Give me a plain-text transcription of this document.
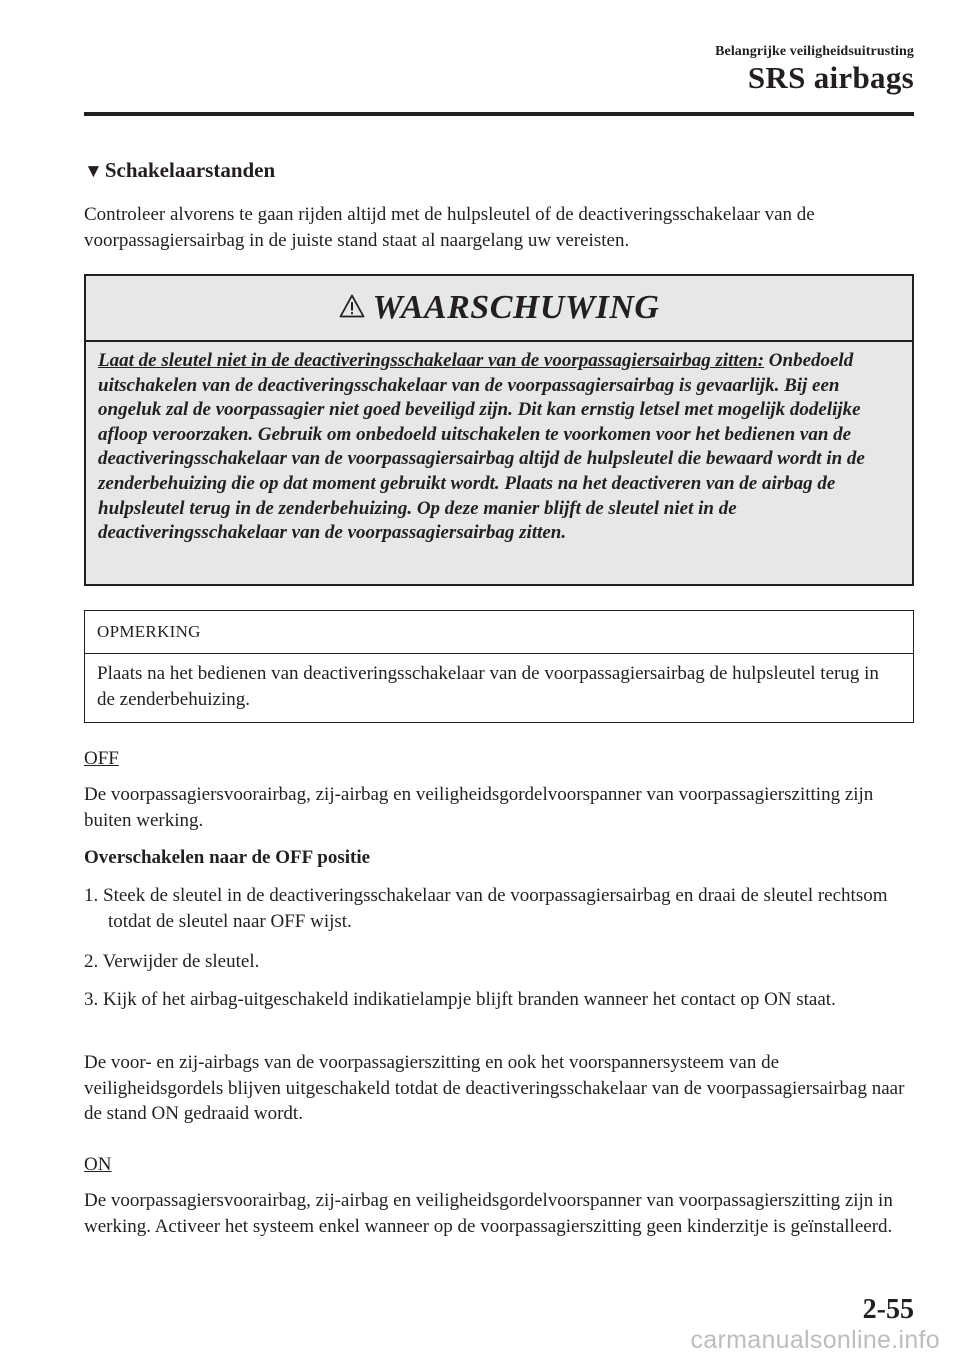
Belangrijke veiligheidsuitrusting
SRS airbags
▼Schakelaarstanden
Controleer alvorens te gaan rijden altijd met de hulpsleutel of de deactiveringsschakelaar van de voorpassagiersairbag in de juiste stand staat al naargelang uw vereisten.
WAARSCHUWING
Laat de sleutel niet in de deactiveringsschakelaar van de voorpassagiersairbag zitten: Onbedoeld uitschakelen van de deactiveringsschakelaar van de voorpassagiersairbag is gevaarlijk. Bij een ongeluk zal de voorpassagier niet goed beveiligd zijn. Dit kan ernstig letsel met mogelijk dodelijke afloop veroorzaken. Gebruik om onbedoeld uitschakelen te voorkomen voor het bedienen van de deactiveringsschakelaar van de voorpassagiersairbag altijd de hulpsleutel die bewaard wordt in de zenderbehuizing die op dat moment gebruikt wordt. Plaats na het deactiveren van de airbag de hulpsleutel terug in de zenderbehuizing. Op deze manier blijft de sleutel niet in de deactiveringsschakelaar van de voorpassagiersairbag zitten.
OPMERKING
Plaats na het bedienen van deactiveringsschakelaar van de voorpassagiersairbag de hulpsleutel terug in de zenderbehuizing.
OFF
De voorpassagiersvoorairbag, zij-airbag en veiligheidsgordelvoorspanner van voorpassagierszitting zijn buiten werking.
Overschakelen naar de OFF positie
1. Steek de sleutel in de deactiveringsschakelaar van de voorpassagiersairbag en draai de sleutel rechtsom totdat de sleutel naar OFF wijst.
2. Verwijder de sleutel.
3. Kijk of het airbag-uitgeschakeld indikatielampje blijft branden wanneer het contact op ON staat.
De voor- en zij-airbags van de voorpassagierszitting en ook het voorspannersysteem van de veiligheidsgordels blijven uitgeschakeld totdat de deactiveringsschakelaar van de voorpassagiersairbag naar de stand ON gedraaid wordt.
ON
De voorpassagiersvoorairbag, zij-airbag en veiligheidsgordelvoorspanner van voorpassagierszitting zijn in werking. Activeer het systeem enkel wanneer op de voorpassagierszitting geen kinderzitje is geïnstalleerd.
2-55
carmanualsonline.info
